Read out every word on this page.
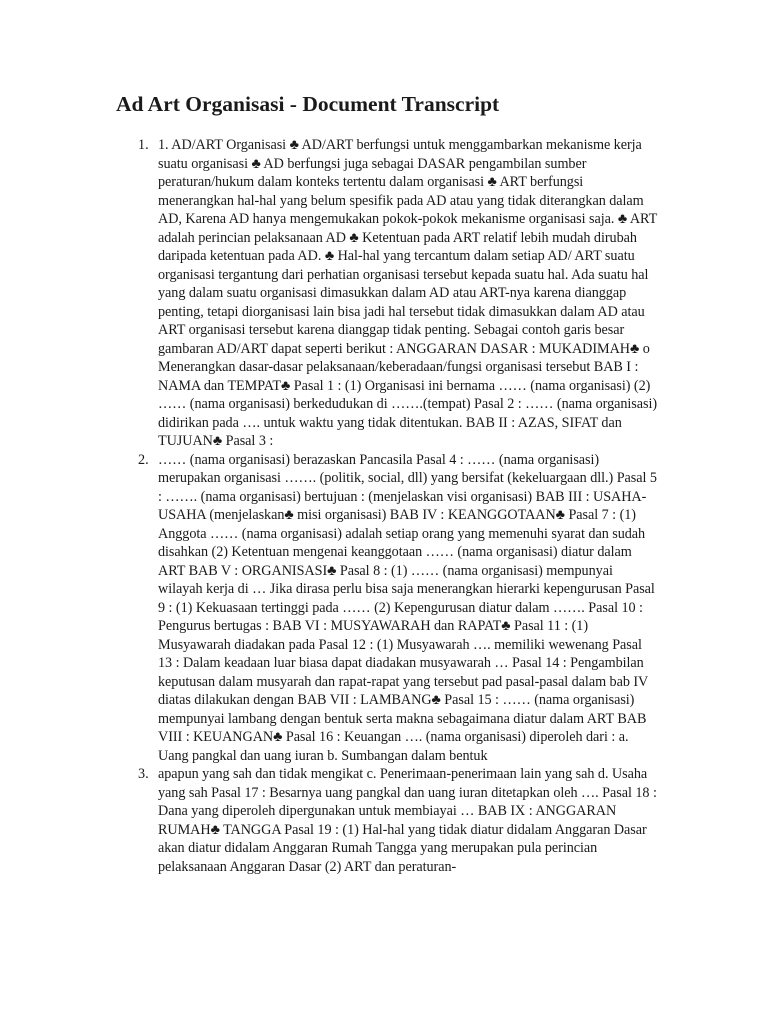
Ad Art Organisasi - Document Transcript
1. 1. AD/ART Organisasi ♣ AD/ART berfungsi untuk menggambarkan mekanisme kerja suatu organisasi ♣ AD berfungsi juga sebagai DASAR pengambilan sumber peraturan/hukum dalam konteks tertentu dalam organisasi ♣ ART berfungsi menerangkan hal-hal yang belum spesifik pada AD atau yang tidak diterangkan dalam AD, Karena AD hanya mengemukakan pokok-pokok mekanisme organisasi saja. ♣ ART adalah perincian pelaksanaan AD ♣ Ketentuan pada ART relatif lebih mudah dirubah daripada ketentuan pada AD. ♣ Hal-hal yang tercantum dalam setiap AD/ ART suatu organisasi tergantung dari perhatian organisasi tersebut kepada suatu hal. Ada suatu hal yang dalam suatu organisasi dimasukkan dalam AD atau ART-nya karena dianggap penting, tetapi diorganisasi lain bisa jadi hal tersebut tidak dimasukkan dalam AD atau ART organisasi tersebut karena dianggap tidak penting. Sebagai contoh garis besar gambaran AD/ART dapat seperti berikut : ANGGARAN DASAR : MUKADIMAH♣ o Menerangkan dasar-dasar pelaksanaan/keberadaan/fungsi organisasi tersebut BAB I : NAMA dan TEMPAT♣ Pasal 1 : (1) Organisasi ini bernama …… (nama organisasi) (2) …… (nama organisasi) berkedudukan di …….(tempat) Pasal 2 : …… (nama organisasi) didirikan pada …. untuk waktu yang tidak ditentukan. BAB II : AZAS, SIFAT dan TUJUAN♣ Pasal 3 :

2. …… (nama organisasi) berazaskan Pancasila Pasal 4 : …… (nama organisasi) merupakan organisasi ……. (politik, social, dll) yang bersifat (kekeluargaan dll.) Pasal 5 : ……. (nama organisasi) bertujuan : (menjelaskan visi organisasi) BAB III : USAHA-USAHA (menjelaskan♣ misi organisasi) BAB IV : KEANGGOTAAN♣ Pasal 7 : (1) Anggota …… (nama organisasi) adalah setiap orang yang memenuhi syarat dan sudah disahkan (2) Ketentuan mengenai keanggotaan …… (nama organisasi) diatur dalam ART BAB V : ORGANISASI♣ Pasal 8 : (1) …… (nama organisasi) mempunyai wilayah kerja di … Jika dirasa perlu bisa saja menerangkan hierarki kepengurusan Pasal 9 : (1) Kekuasaan tertinggi pada …… (2) Kepengurusan diatur dalam ……. Pasal 10 : Pengurus bertugas : BAB VI : MUSYAWARAH dan RAPAT♣ Pasal 11 : (1) Musyawarah diadakan pada Pasal 12 : (1) Musyawarah …. memiliki wewenang Pasal 13 : Dalam keadaan luar biasa dapat diadakan musyawarah … Pasal 14 : Pengambilan keputusan dalam musyarah dan rapat-rapat yang tersebut pad pasal-pasal dalam bab IV diatas dilakukan dengan BAB VII : LAMBANG♣ Pasal 15 : …… (nama organisasi) mempunyai lambang dengan bentuk serta makna sebagaimana diatur dalam ART BAB VIII : KEUANGAN♣ Pasal 16 : Keuangan …. (nama organisasi) diperoleh dari : a. Uang pangkal dan uang iuran b. Sumbangan dalam bentuk

3. apapun yang sah dan tidak mengikat c. Penerimaan-penerimaan lain yang sah d. Usaha yang sah Pasal 17 : Besarnya uang pangkal dan uang iuran ditetapkan oleh …. Pasal 18 : Dana yang diperoleh dipergunakan untuk membiayai … BAB IX : ANGGARAN RUMAH♣ TANGGA Pasal 19 : (1) Hal-hal yang tidak diatur didalam Anggaran Dasar akan diatur didalam Anggaran Rumah Tangga yang merupakan pula perincian pelaksanaan Anggaran Dasar (2) ART dan peraturan-
